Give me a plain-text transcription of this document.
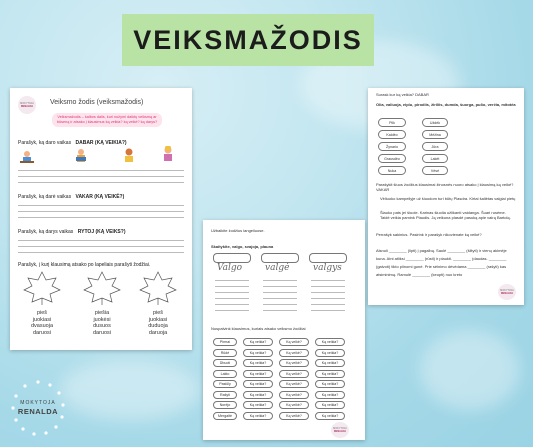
VEIKSMAŽODIS
MOKYTOJA
RENALDA
Veiksmo žodis (veiksmažodis)
Veiksmažodis – kalbos dalis, kuri nužymi daiktų veiksmą ar būseną ir atsako į klausimus ką veikia? ką veikė? ką darys?
Parašyk, ką daro vaikas DABAR (KĄ VEIKIA?)
Parašyk, ką darė vaikas VAKAR (KĄ VEIKĖ?)
Parašyk, ką darys vaikas RYTOJ (KĄ VEIKS?)
Parašyk, į kurį klausimą atsako po lapeliais parašyti žodžiai.
pieš
juokiasi
dvasuoja
daruosi
piešia
juokėsi
dusuos
daruosi
pieš
juokiasi
duduoja
daruoja
Užbaikite žodžius langeliuose.
Skaitykite, valgo, svajoja, plauna
Valgo	valgė	valgys
Nuspalvink klausimus, kuriais atsako veiksmo žodžiai
MOKYTOJA
RENALDA
Pirmai	Ką veikia?	Ką veikė?	Ką veikia?
Rūdė	Ką veikia?	Ką veikė?	Ką veikia?
Ūbuoti	Ką veikia?	Ką veikė?	Ką veikia?
Lakto	Ką veikia?	Ką veikė?	Ką veikia?
Pasiūly	Ką veikia?	Ką veikė?	Ką veikia?
Rašyti	Ką veikia?	Ką veikė?	Ką veikia?
Norėjo	Ką veikia?	Ką veikė?	Ką veikia?
Mergaitė	Ką veikia?	Ką veikė?	Ką veikia?
Surask kur ką veikia? DABAR
Olia, valiuoja, eiplu, pirodiis, žiriliis, dumda, šuorga, puõo, verčia, mitotėa
Parašykit šiuos žodžius klausimai žinosnės nuoro atsako į klausimą ką veikė? VAKAR
Vėliuoko kampeilyje už šiuodom turi būtų Plasdra. Kirtai šaliėtas valgiai pietų
Šiauko pats jei šiuole. Karinas šiuolia užlikanti vaidanga. Šuari rusėme. Taidė veikia pamink Plaudis. Ją veikuna plasdė pasuką apie vairą Bartolą.
Perrašyk sakinius. Pasirink ir parašyk nikovienate ką veikė?
Alsnuli ________ (lipti) į pagalbą. Saulė ________ (šiltyti) ir vienų akimėje
kuna. Atni atliksi ________ (rūsti) ir plaukti. ________ (daudas. ________
(galvoti) tikto pilnomi gunė. Prie sėinimo dėvėdama ________ (rašyti) kas
atsiminimą. Ramulė ________ (keupti) nuo kreto
MOKYTOJA
RENALDA
Pilk
Kaldėo
Žynario
Grausdėo
Nuka
Uždėk
Mėžina
Jūra
Lakėt
Vėsė
MOKYTOJA
RENALDA
